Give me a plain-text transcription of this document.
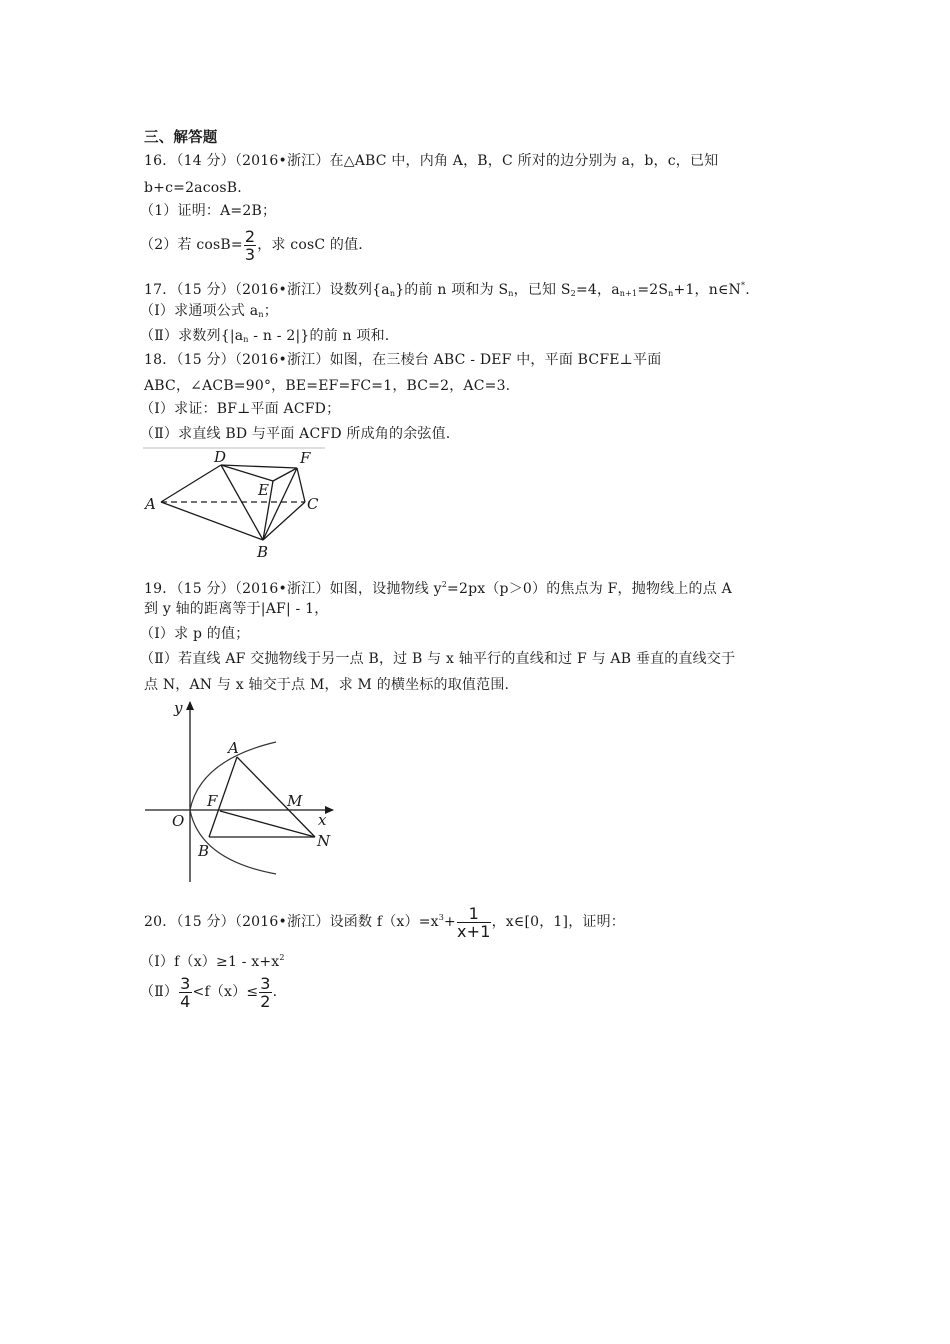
三、解答题
16．（14 分）（2016•浙江）在△ABC 中，内角 A，B，C 所对的边分别为 a，b，c，已知
b+c=2acosB.
（1）证明：A=2B；
（2）若 $\cos B= \frac{2}{3}$ ，求 cosC 的值.
17．（15 分）（2016•浙江）设数列$\{a_n\}$的前 n 项和为 $S_n$，已知 $S_2=4$，$a_{n+1}=2S_n+1$，n∈N*.
（Ⅰ）求通项公式 $a_n$；
（Ⅱ）求数列{$|a_n$ - n - 2|}的前 n 项和.
18．（15 分）（2016•浙江）如图，在三棱台 ABC - DEF 中，平面 BCFE⊥平面
ABC，∠ACB=90°，BE=EF=FC=1，BC=2，AC=3.
（Ⅰ）求证：BF⊥平面 ACFD；
（Ⅱ）求直线 BD 与平面 ACFD 所成角的余弦值.
D	F
E
A	C
B
19．（15 分）（2016•浙江）如图，设抛物线 $y^2=2px(p>0)$的焦点为 F，抛物线上的点 A
到 y 轴的距离等于|AF| - 1，
（Ⅰ）求 p 的值；
（Ⅱ）若直线 AF 交抛物线于另一点 B，过 B 与 x 轴平行的直线和过 F 与 AB 垂直的直线交于
点 N，AN 与 x 轴交于点 M，求 M 的横坐标的取值范围.
y
x
O
A
F	M
N
B
20．（15 分）（2016•浙江）设函数 $f(x)=x^3+ \frac{1}{x+1}$ ，x∈[0，1]，证明：
（Ⅰ）f（x）≥1 - $x+x^2$
（Ⅱ） $\frac{3}{4} <f(x)\le \frac{3}{2}$ .
